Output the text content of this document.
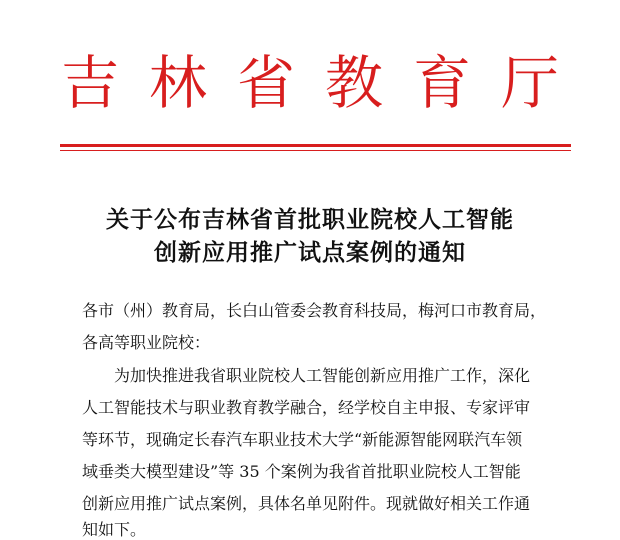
吉林省教育厅
关于公布吉林省首批职业院校人工智能
创新应用推广试点案例的通知
各市（州）教育局，长白山管委会教育科技局，梅河口市教育局，
各高等职业院校：
　　为加快推进我省职业院校人工智能创新应用推广工作，深化
人工智能技术与职业教育教学融合，经学校自主申报、专家评审
等环节，现确定长春汽车职业技术大学“新能源智能网联汽车领
域垂类大模型建设”等 35 个案例为我省首批职业院校人工智能
创新应用推广试点案例，具体名单见附件。现就做好相关工作通
知如下。
